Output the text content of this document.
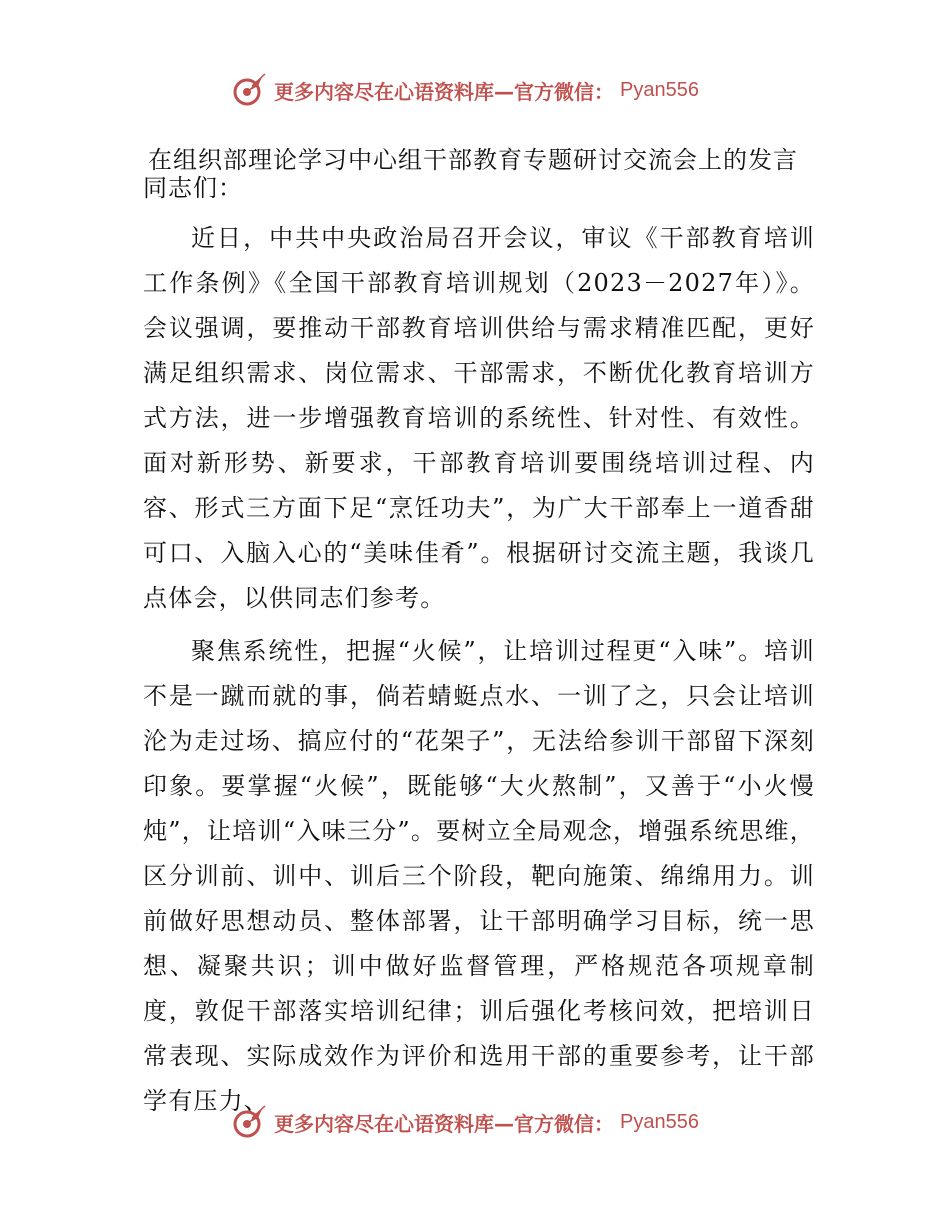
更多内容尽在心语资料库—官方微信： Pyan556
在组织部理论学习中心组干部教育专题研讨交流会上的发言
同志们：

近日，中共中央政治局召开会议，审议《干部教育培训工作条例》《全国干部教育培训规划（2023－2027年）》。会议强调，要推动干部教育培训供给与需求精准匹配，更好满足组织需求、岗位需求、干部需求，不断优化教育培训方式方法，进一步增强教育培训的系统性、针对性、有效性。面对新形势、新要求，干部教育培训要围绕培训过程、内容、形式三方面下足“烹饪功夫”，为广大干部奉上一道香甜可口、入脑入心的“美味佳肴”。根据研讨交流主题，我谈几点体会，以供同志们参考。

聚焦系统性，把握“火候”，让培训过程更“入味”。培训不是一蹴而就的事，倘若蜻蜓点水、一训了之，只会让培训沦为走过场、搞应付的“花架子”，无法给参训干部留下深刻印象。要掌握“火候”，既能够“大火熬制”，又善于“小火慢炖”，让培训“入味三分”。要树立全局观念，增强系统思维，区分训前、训中、训后三个阶段，靶向施策、绵绵用力。训前做好思想动员、整体部署，让干部明确学习目标，统一思想、凝聚共识；训中做好监督管理，严格规范各项规章制度，敦促干部落实培训纪律；训后强化考核问效，把培训日常表现、实际成效作为评价和选用干部的重要参考，让干部学有压力、

更多内容尽在心语资料库—官方微信： Pyan556
